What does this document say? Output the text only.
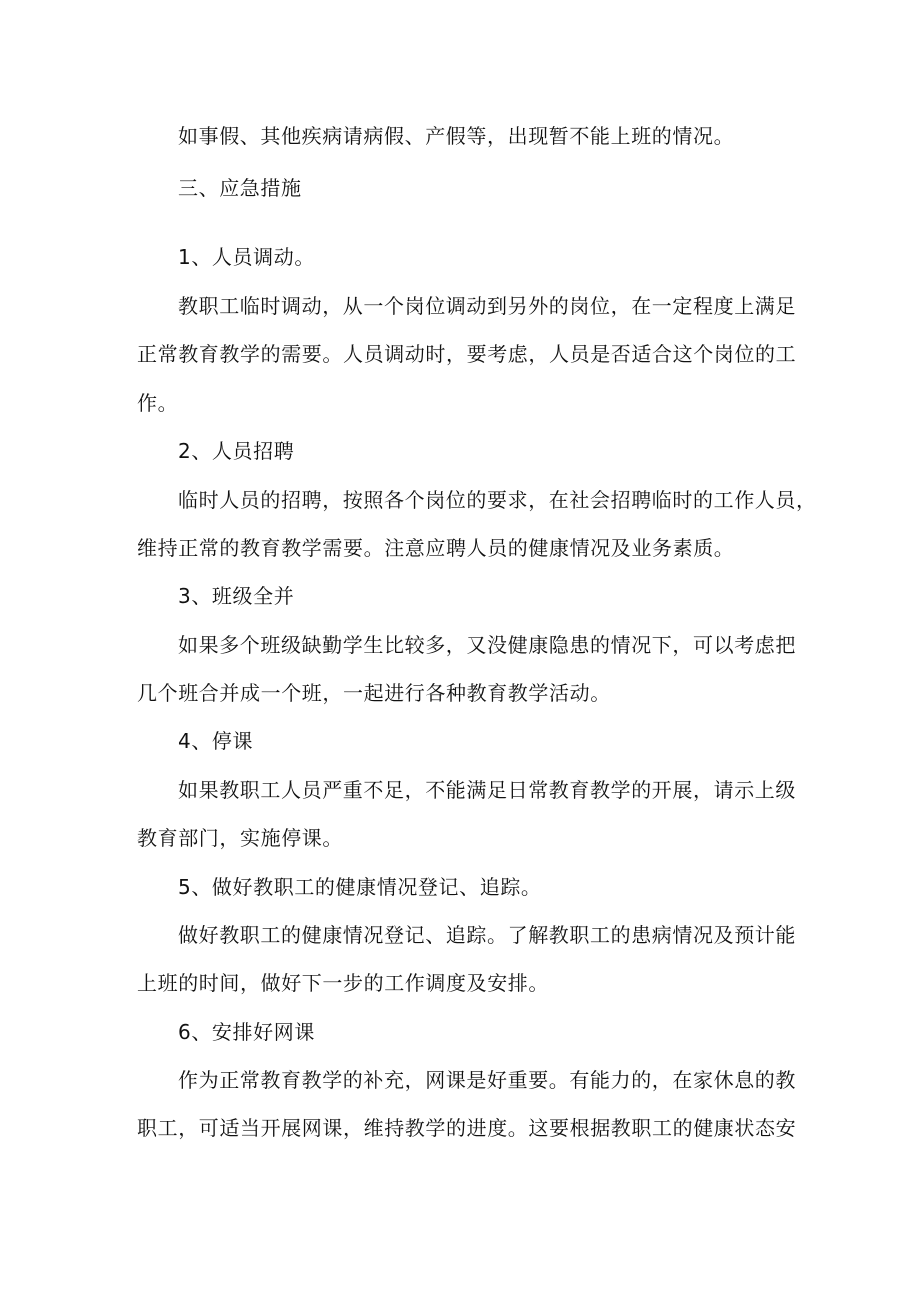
如事假、其他疾病请病假、产假等，出现暂不能上班的情况。
三、应急措施
1、人员调动。
教职工临时调动，从一个岗位调动到另外的岗位，在一定程度上满足
正常教育教学的需要。人员调动时，要考虑，人员是否适合这个岗位的工
作。
2、人员招聘
临时人员的招聘，按照各个岗位的要求，在社会招聘临时的工作人员，
维持正常的教育教学需要。注意应聘人员的健康情况及业务素质。
3、班级全并
如果多个班级缺勤学生比较多，又没健康隐患的情况下，可以考虑把
几个班合并成一个班，一起进行各种教育教学活动。
4、停课
如果教职工人员严重不足，不能满足日常教育教学的开展，请示上级
教育部门，实施停课。
5、做好教职工的健康情况登记、追踪。
做好教职工的健康情况登记、追踪。了解教职工的患病情况及预计能
上班的时间，做好下一步的工作调度及安排。
6、安排好网课
作为正常教育教学的补充，网课是好重要。有能力的，在家休息的教
职工，可适当开展网课，维持教学的进度。这要根据教职工的健康状态安
